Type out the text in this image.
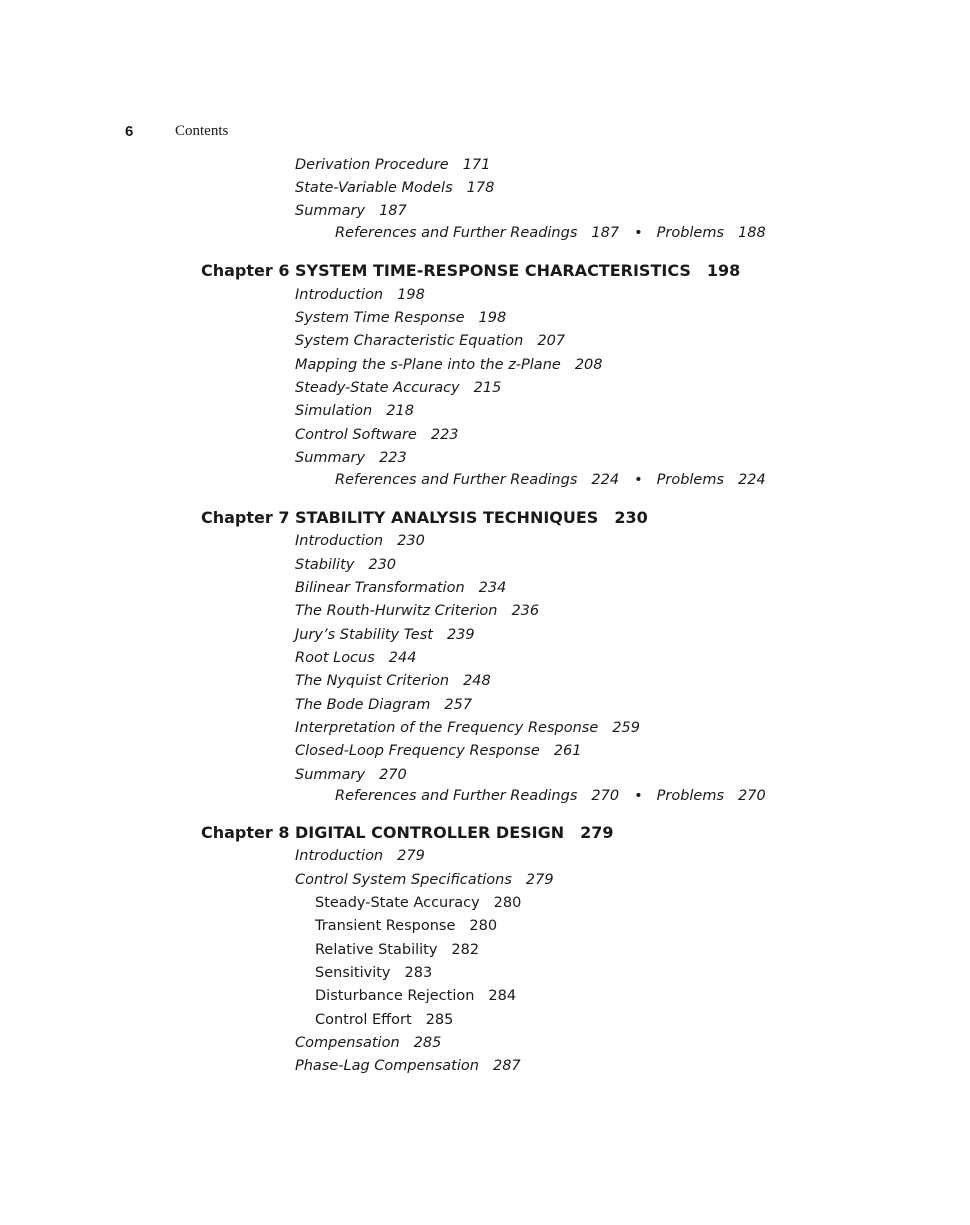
6	Contents
Derivation Procedure 171
State-Variable Models 178
Summary 187
References and Further Readings 187 • Problems 188
Chapter 6 SYSTEM TIME-RESPONSE CHARACTERISTICS 198
Introduction 198
System Time Response 198
System Characteristic Equation 207
Mapping the s-Plane into the z-Plane 208
Steady-State Accuracy 215
Simulation 218
Control Software 223
Summary 223
References and Further Readings 224 • Problems 224
Chapter 7 STABILITY ANALYSIS TECHNIQUES 230
Introduction 230
Stability 230
Bilinear Transformation 234
The Routh-Hurwitz Criterion 236
Jury’s Stability Test 239
Root Locus 244
The Nyquist Criterion 248
The Bode Diagram 257
Interpretation of the Frequency Response 259
Closed-Loop Frequency Response 261
Summary 270
References and Further Readings 270 • Problems 270
Chapter 8 DIGITAL CONTROLLER DESIGN 279
Introduction 279
Control System Specifications 279
Steady-State Accuracy 280
Transient Response 280
Relative Stability 282
Sensitivity 283
Disturbance Rejection 284
Control Effort 285
Compensation 285
Phase-Lag Compensation 287
